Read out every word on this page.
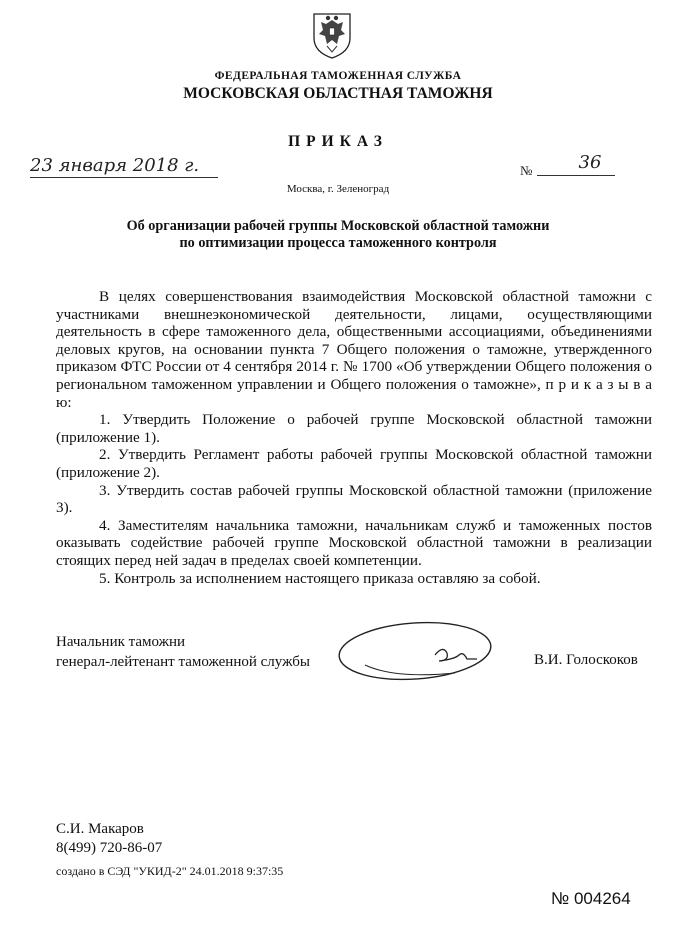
ФЕДЕРАЛЬНАЯ ТАМОЖЕННАЯ СЛУЖБА
МОСКОВСКАЯ ОБЛАСТНАЯ ТАМОЖНЯ
ПРИКАЗ
23 января 2018 г.	№	36
Москва, г. Зеленоград
Об организации рабочей группы Московской областной таможни
по оптимизации процесса таможенного контроля
В целях совершенствования взаимодействия Московской областной таможни с участниками внешнеэкономической деятельности, лицами, осуществляющими деятельность в сфере таможенного дела, общественными ассоциациями, объединениями деловых кругов, на основании пункта 7 Общего положения о таможне, утвержденного приказом ФТС России от 4 сентября 2014 г. № 1700 «Об утверждении Общего положения о региональном таможенном управлении и Общего положения о таможне», п р и к а з ы в а ю:
1. Утвердить Положение о рабочей группе Московской областной таможни (приложение 1).
2. Утвердить Регламент работы рабочей группы Московской областной таможни (приложение 2).
3. Утвердить состав рабочей группы Московской областной таможни (приложение 3).
4. Заместителям начальника таможни, начальникам служб и таможенных постов оказывать содействие рабочей группе Московской областной таможни в реализации стоящих перед ней задач в пределах своей компетенции.
5. Контроль за исполнением настоящего приказа оставляю за собой.
Начальник таможни
генерал-лейтенант таможенной службы	В.И. Голоскоков
С.И. Макаров
8(499) 720-86-07
создано в СЭД "УКИД-2" 24.01.2018 9:37:35
№ 004264
